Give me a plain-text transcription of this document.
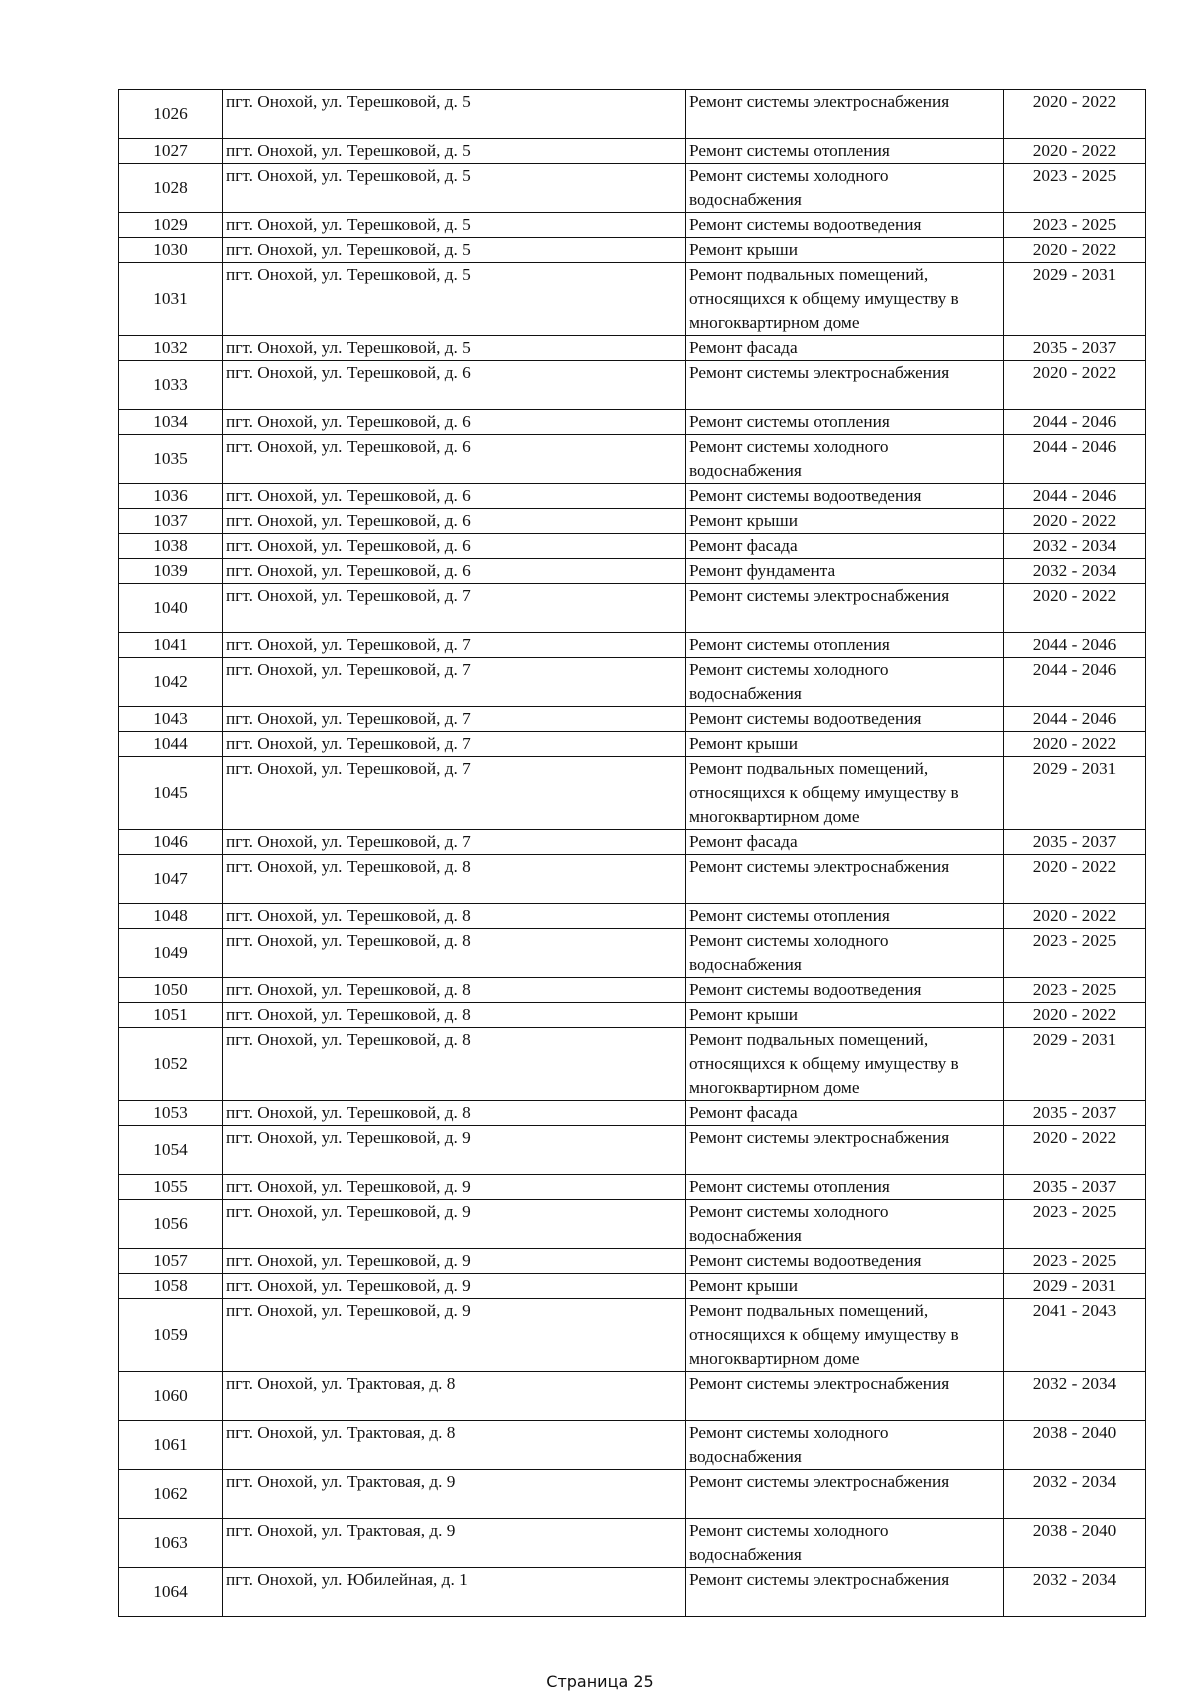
1026	пгт. Онохой, ул. Терешковой, д. 5	Ремонт системы электроснабжения	2020 - 2022
1027	пгт. Онохой, ул. Терешковой, д. 5	Ремонт системы отопления	2020 - 2022
1028	пгт. Онохой, ул. Терешковой, д. 5	Ремонт системы холодного водоснабжения	2023 - 2025
1029	пгт. Онохой, ул. Терешковой, д. 5	Ремонт системы водоотведения	2023 - 2025
1030	пгт. Онохой, ул. Терешковой, д. 5	Ремонт крыши	2020 - 2022
1031	пгт. Онохой, ул. Терешковой, д. 5	Ремонт подвальных помещений, относящихся к общему имуществу в многоквартирном доме	2029 - 2031
1032	пгт. Онохой, ул. Терешковой, д. 5	Ремонт фасада	2035 - 2037
1033	пгт. Онохой, ул. Терешковой, д. 6	Ремонт системы электроснабжения	2020 - 2022
1034	пгт. Онохой, ул. Терешковой, д. 6	Ремонт системы отопления	2044 - 2046
1035	пгт. Онохой, ул. Терешковой, д. 6	Ремонт системы холодного водоснабжения	2044 - 2046
1036	пгт. Онохой, ул. Терешковой, д. 6	Ремонт системы водоотведения	2044 - 2046
1037	пгт. Онохой, ул. Терешковой, д. 6	Ремонт крыши	2020 - 2022
1038	пгт. Онохой, ул. Терешковой, д. 6	Ремонт фасада	2032 - 2034
1039	пгт. Онохой, ул. Терешковой, д. 6	Ремонт фундамента	2032 - 2034
1040	пгт. Онохой, ул. Терешковой, д. 7	Ремонт системы электроснабжения	2020 - 2022
1041	пгт. Онохой, ул. Терешковой, д. 7	Ремонт системы отопления	2044 - 2046
1042	пгт. Онохой, ул. Терешковой, д. 7	Ремонт системы холодного водоснабжения	2044 - 2046
1043	пгт. Онохой, ул. Терешковой, д. 7	Ремонт системы водоотведения	2044 - 2046
1044	пгт. Онохой, ул. Терешковой, д. 7	Ремонт крыши	2020 - 2022
1045	пгт. Онохой, ул. Терешковой, д. 7	Ремонт подвальных помещений, относящихся к общему имуществу в многоквартирном доме	2029 - 2031
1046	пгт. Онохой, ул. Терешковой, д. 7	Ремонт фасада	2035 - 2037
1047	пгт. Онохой, ул. Терешковой, д. 8	Ремонт системы электроснабжения	2020 - 2022
1048	пгт. Онохой, ул. Терешковой, д. 8	Ремонт системы отопления	2020 - 2022
1049	пгт. Онохой, ул. Терешковой, д. 8	Ремонт системы холодного водоснабжения	2023 - 2025
1050	пгт. Онохой, ул. Терешковой, д. 8	Ремонт системы водоотведения	2023 - 2025
1051	пгт. Онохой, ул. Терешковой, д. 8	Ремонт крыши	2020 - 2022
1052	пгт. Онохой, ул. Терешковой, д. 8	Ремонт подвальных помещений, относящихся к общему имуществу в многоквартирном доме	2029 - 2031
1053	пгт. Онохой, ул. Терешковой, д. 8	Ремонт фасада	2035 - 2037
1054	пгт. Онохой, ул. Терешковой, д. 9	Ремонт системы электроснабжения	2020 - 2022
1055	пгт. Онохой, ул. Терешковой, д. 9	Ремонт системы отопления	2035 - 2037
1056	пгт. Онохой, ул. Терешковой, д. 9	Ремонт системы холодного водоснабжения	2023 - 2025
1057	пгт. Онохой, ул. Терешковой, д. 9	Ремонт системы водоотведения	2023 - 2025
1058	пгт. Онохой, ул. Терешковой, д. 9	Ремонт крыши	2029 - 2031
1059	пгт. Онохой, ул. Терешковой, д. 9	Ремонт подвальных помещений, относящихся к общему имуществу в многоквартирном доме	2041 - 2043
1060	пгт. Онохой, ул. Трактовая, д. 8	Ремонт системы электроснабжения	2032 - 2034
1061	пгт. Онохой, ул. Трактовая, д. 8	Ремонт системы холодного водоснабжения	2038 - 2040
1062	пгт. Онохой, ул. Трактовая, д. 9	Ремонт системы электроснабжения	2032 - 2034
1063	пгт. Онохой, ул. Трактовая, д. 9	Ремонт системы холодного водоснабжения	2038 - 2040
1064	пгт. Онохой, ул. Юбилейная, д. 1	Ремонт системы электроснабжения	2032 - 2034
Страница 25
